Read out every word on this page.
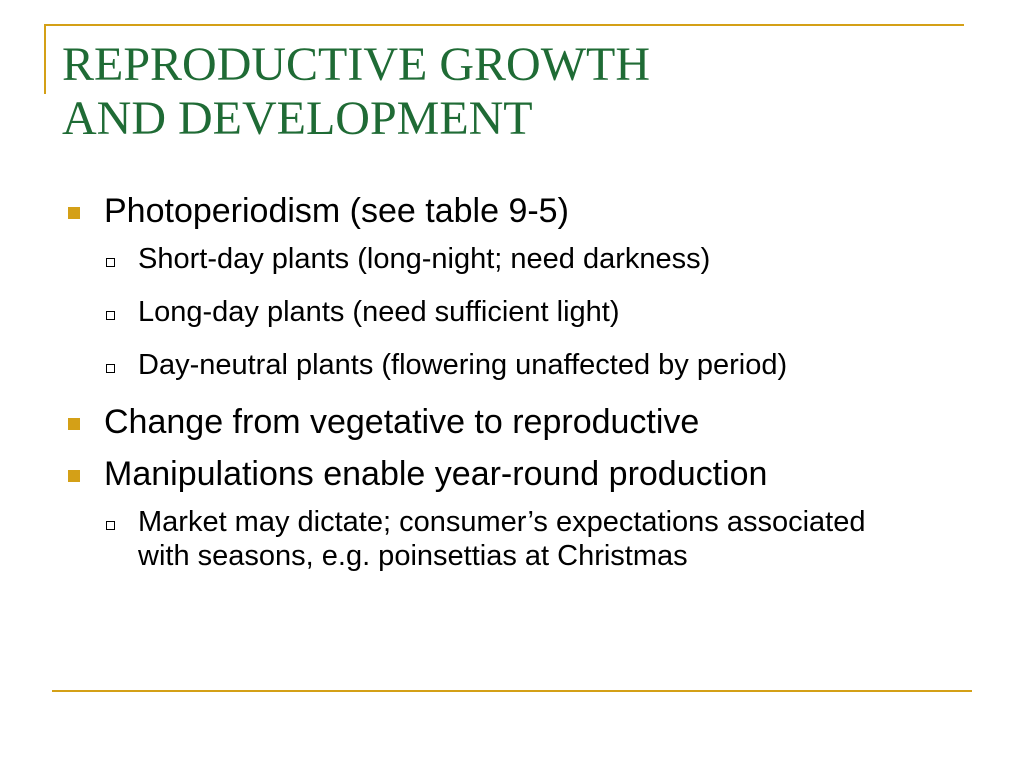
REPRODUCTIVE GROWTH
AND DEVELOPMENT
Photoperiodism (see table 9-5)
Short-day plants (long-night; need darkness)
Long-day plants (need sufficient light)
Day-neutral plants (flowering unaffected by period)
Change from vegetative to reproductive
Manipulations enable year-round production
Market may dictate; consumer’s expectations associated with seasons, e.g. poinsettias at Christmas
